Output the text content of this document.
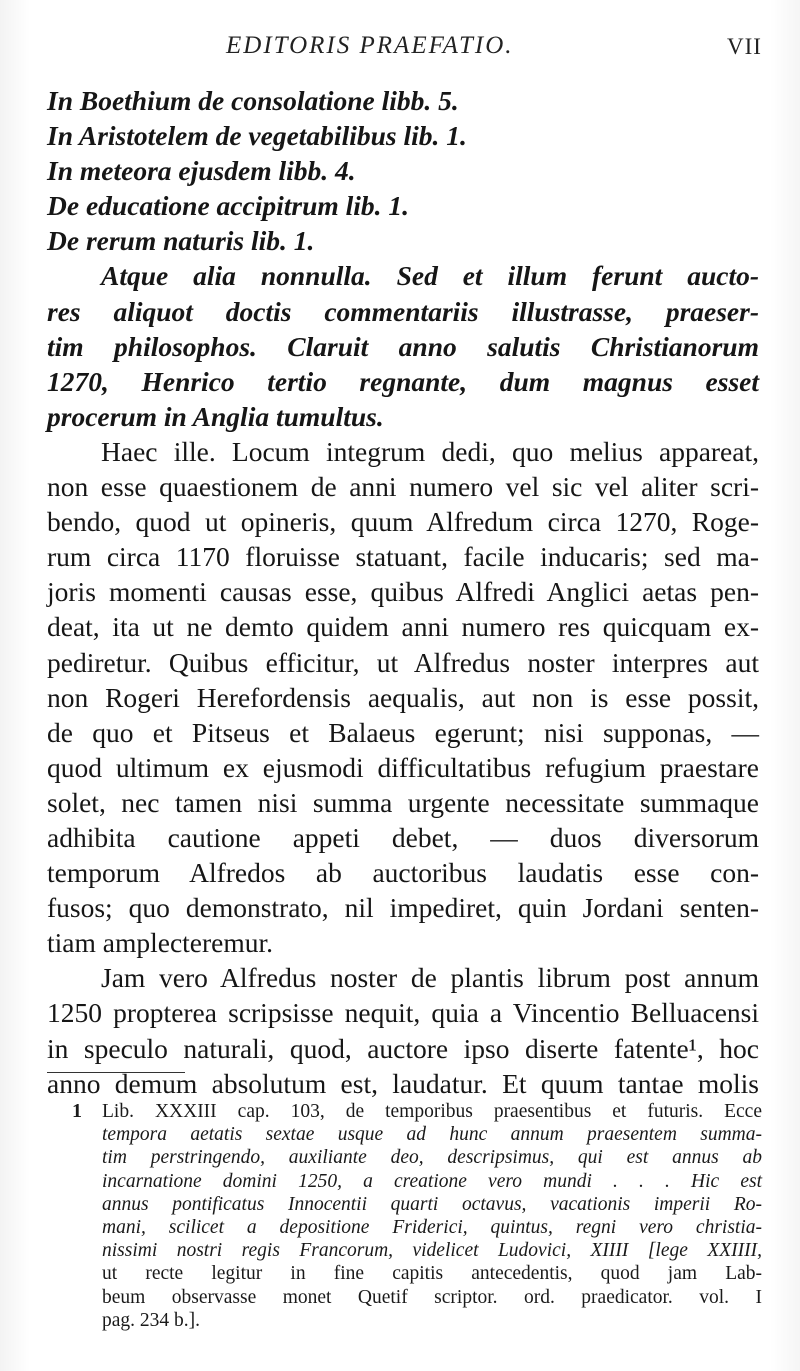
EDITORIS PRAEFATIO.	VII
In Boethium de consolatione libb. 5.
In Aristotelem de vegetabilibus lib. 1.
In meteora ejusdem libb. 4.
De educatione accipitrum lib. 1.
De rerum naturis lib. 1.
Atque alia nonnulla. Sed et illum ferunt aucto-
res aliquot doctis commentariis illustrasse, praeser-
tim philosophos. Claruit anno salutis Christianorum
1270, Henrico tertio regnante, dum magnus esset
procerum in Anglia tumultus.
Haec ille. Locum integrum dedi, quo melius appareat,
non esse quaestionem de anni numero vel sic vel aliter scri-
bendo, quod ut opineris, quum Alfredum circa 1270, Roge-
rum circa 1170 floruisse statuant, facile inducaris; sed ma-
joris momenti causas esse, quibus Alfredi Anglici aetas pen-
deat, ita ut ne demto quidem anni numero res quicquam ex-
pediretur. Quibus efficitur, ut Alfredus noster interpres aut
non Rogeri Herefordensis aequalis, aut non is esse possit,
de quo et Pitseus et Balaeus egerunt; nisi supponas, —
quod ultimum ex ejusmodi difficultatibus refugium praestare
solet, nec tamen nisi summa urgente necessitate summaque
adhibita cautione appeti debet, — duos diversorum
temporum Alfredos ab auctoribus laudatis esse con-
fusos; quo demonstrato, nil impediret, quin Jordani senten-
tiam amplecteremur.
Jam vero Alfredus noster de plantis librum post annum
1250 propterea scripsisse nequit, quia a Vincentio Belluacensi
in speculo naturali, quod, auctore ipso diserte fatente¹, hoc
anno demum absolutum est, laudatur. Et quum tantae molis
1	Lib. XXXIII cap. 103, de temporibus praesentibus et futuris. Ecce
tempora aetatis sextae usque ad hunc annum praesentem summa-
tim perstringendo, auxiliante deo, descripsimus, qui est annus ab
incarnatione domini 1250, a creatione vero mundi . . . Hic est
annus pontificatus Innocentii quarti octavus, vacationis imperii Ro-
mani, scilicet a depositione Friderici, quintus, regni vero christia-
nissimi nostri regis Francorum, videlicet Ludovici, XIIII [lege XXIIII,
ut recte legitur in fine capitis antecedentis, quod jam Lab-
beum observasse monet Quetif scriptor. ord. praedicator. vol. I
pag. 234 b.].
